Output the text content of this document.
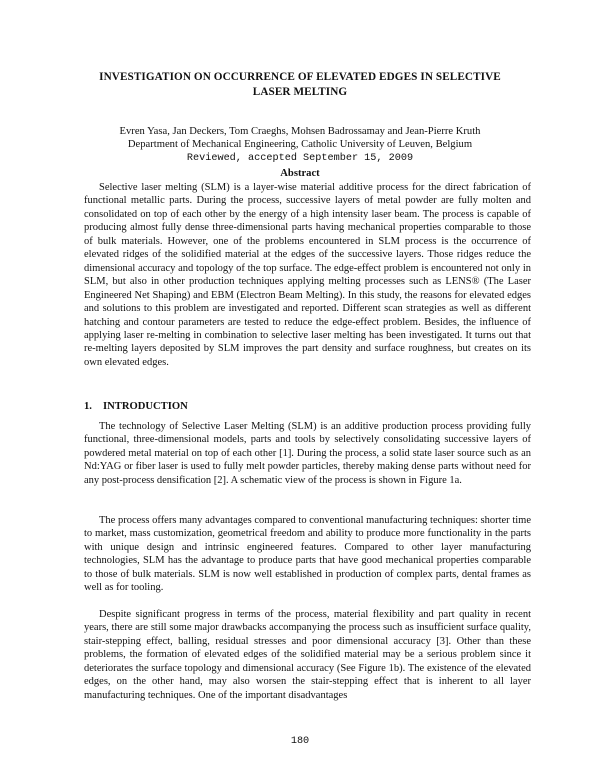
INVESTIGATION ON OCCURRENCE OF ELEVATED EDGES IN SELECTIVE
LASER MELTING
Evren Yasa, Jan Deckers, Tom Craeghs, Mohsen Badrossamay and Jean-Pierre Kruth
Department of Mechanical Engineering, Catholic University of Leuven, Belgium
Reviewed, accepted September 15, 2009
Abstract

Selective laser melting (SLM) is a layer-wise material additive process for the direct fabrication of functional metallic parts. During the process, successive layers of metal powder are fully molten and consolidated on top of each other by the energy of a high intensity laser beam. The process is capable of producing almost fully dense three-dimensional parts having mechanical properties comparable to those of bulk materials. However, one of the problems encountered in SLM process is the occurrence of elevated ridges of the solidified material at the edges of the successive layers. Those ridges reduce the dimensional accuracy and topology of the top surface. The edge-effect problem is encountered not only in SLM, but also in other production techniques applying melting processes such as LENS® (The Laser Engineered Net Shaping) and EBM (Electron Beam Melting). In this study, the reasons for elevated edges and solutions to this problem are investigated and reported. Different scan strategies as well as different hatching and contour parameters are tested to reduce the edge-effect problem. Besides, the influence of applying laser re-melting in combination to selective laser melting has been investigated. It turns out that re-melting layers deposited by SLM improves the part density and surface roughness, but creates on its own elevated edges.

1. INTRODUCTION

The technology of Selective Laser Melting (SLM) is an additive production process providing fully functional, three-dimensional models, parts and tools by selectively consolidating successive layers of powdered metal material on top of each other [1]. During the process, a solid state laser source such as an Nd:YAG or fiber laser is used to fully melt powder particles, thereby making dense parts without need for any post-process densification [2]. A schematic view of the process is shown in Figure 1a.

The process offers many advantages compared to conventional manufacturing techniques: shorter time to market, mass customization, geometrical freedom and ability to produce more functionality in the parts with unique design and intrinsic engineered features. Compared to other layer manufacturing technologies, SLM has the advantage to produce parts that have good mechanical properties comparable to those of bulk materials. SLM is now well established in production of complex parts, dental frames as well as for tooling.

Despite significant progress in terms of the process, material flexibility and part quality in recent years, there are still some major drawbacks accompanying the process such as insufficient surface quality, stair-stepping effect, balling, residual stresses and poor dimensional accuracy [3]. Other than these problems, the formation of elevated edges of the solidified material may be a serious problem since it deteriorates the surface topology and dimensional accuracy (See Figure 1b). The existence of the elevated edges, on the other hand, may also worsen the stair-stepping effect that is inherent to all layer manufacturing techniques. One of the important disadvantages

180
